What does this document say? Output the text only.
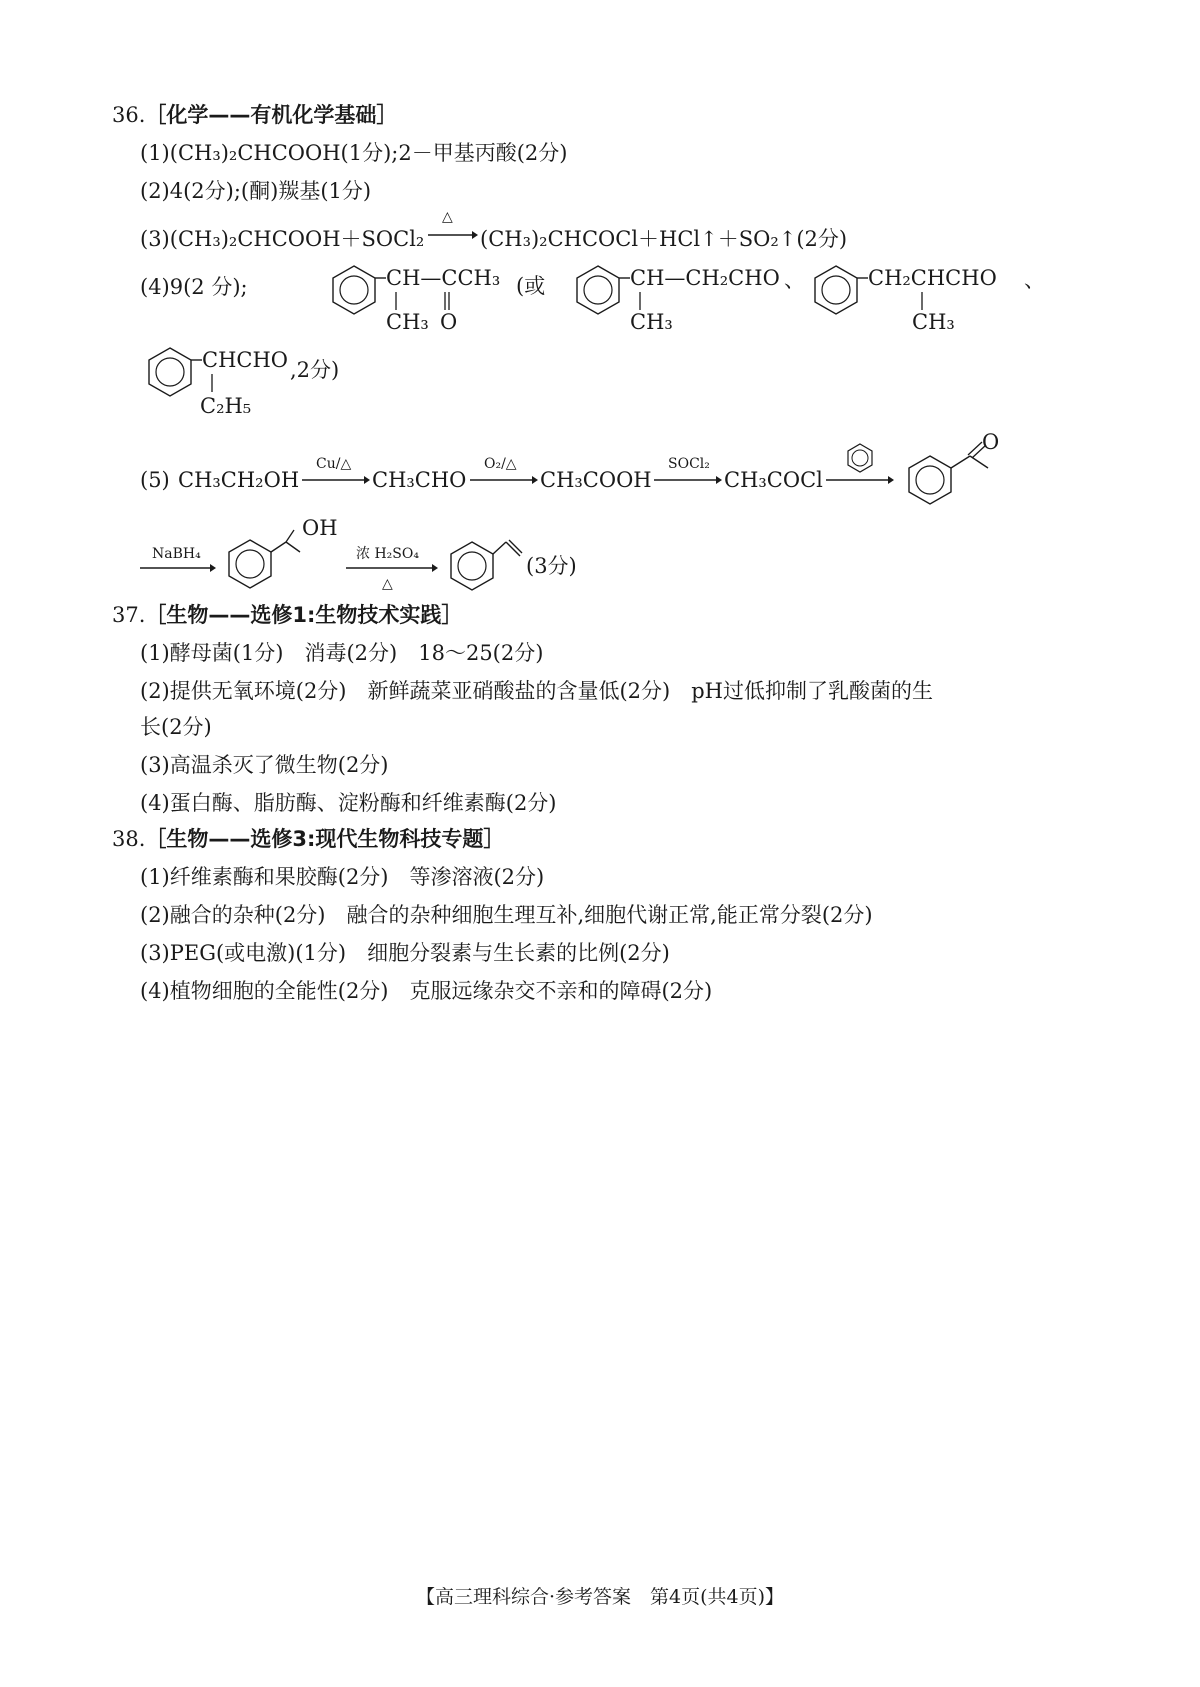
36.［化学——有机化学基础］
(1)(CH₃)₂CHCOOH(1分);2－甲基丙酸(2分)
(2)4(2分);(酮)羰基(1分)
(3)(CH₃)₂CHCOOH＋SOCl₂
△
(CH₃)₂CHCOCl＋HCl↑＋SO₂↑(2分)
(4)9(2 分);	CH—CCH₃
CH₃ O
(或	CH—CH₂CHO
CH₃
、	CH₂CHCHO
CH₃
、
CHCHO
C₂H₅
,2分)
(5) CH₃CH₂OH
Cu/△
CH₃CHO
O₂/△
CH₃COOH
SOCl₂
CH₃COCl
O
NaBH₄
OH
浓 H₂SO₄
△
(3分)
37.［生物——选修1:生物技术实践］
(1)酵母菌(1分)　消毒(2分)　18～25(2分)
(2)提供无氧环境(2分)　新鲜蔬菜亚硝酸盐的含量低(2分)　pH过低抑制了乳酸菌的生
长(2分)
(3)高温杀灭了微生物(2分)
(4)蛋白酶、脂肪酶、淀粉酶和纤维素酶(2分)
38.［生物——选修3:现代生物科技专题］
(1)纤维素酶和果胶酶(2分)　等渗溶液(2分)
(2)融合的杂种(2分)　融合的杂种细胞生理互补,细胞代谢正常,能正常分裂(2分)
(3)PEG(或电激)(1分)　细胞分裂素与生长素的比例(2分)
(4)植物细胞的全能性(2分)　克服远缘杂交不亲和的障碍(2分)
【高三理科综合·参考答案　第4页(共4页)】
